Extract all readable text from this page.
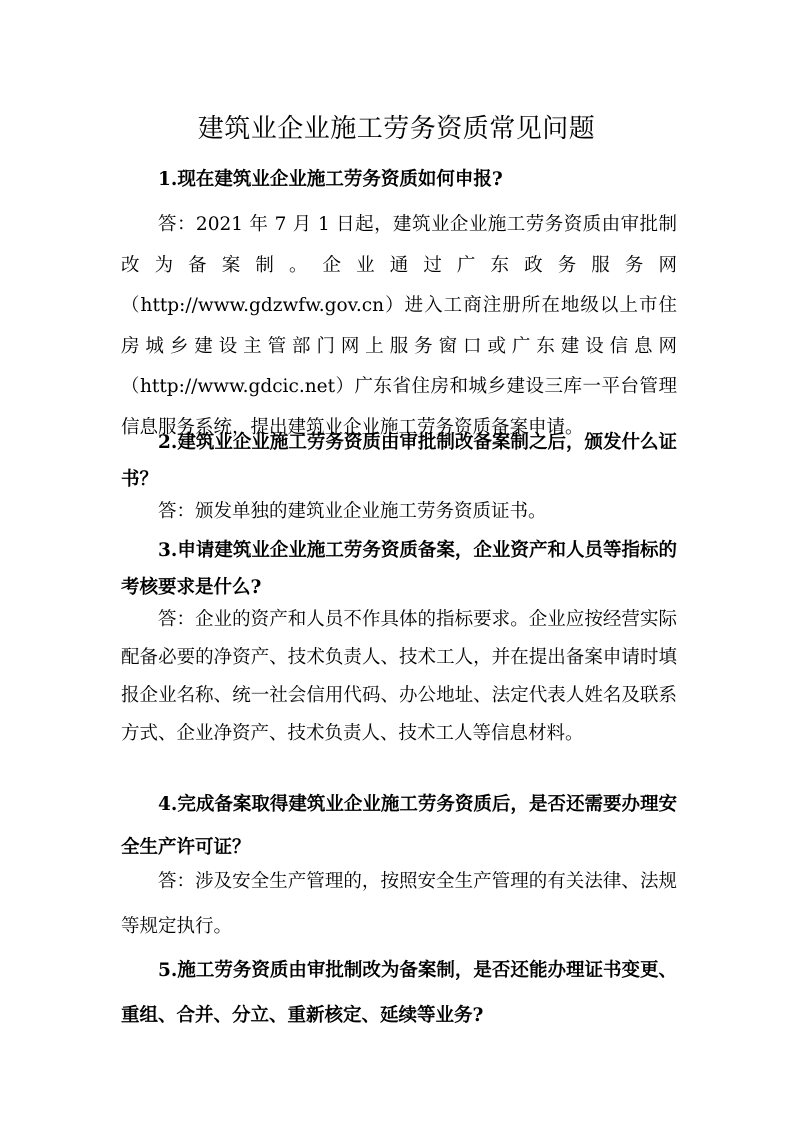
建筑业企业施工劳务资质常见问题

1.现在建筑业企业施工劳务资质如何申报?

答：2021 年 7 月 1 日起，建筑业企业施工劳务资质由审批制改为备案制。企业通过广东政务服务网（http://www.gdzwfw.gov.cn）进入工商注册所在地级以上市住房城乡建设主管部门网上服务窗口或广东建设信息网（http://www.gdcic.net）广东省住房和城乡建设三库一平台管理信息服务系统，提出建筑业企业施工劳务资质备案申请。

2.建筑业企业施工劳务资质由审批制改备案制之后，颁发什么证书？

答：颁发单独的建筑业企业施工劳务资质证书。

3.申请建筑业企业施工劳务资质备案，企业资产和人员等指标的考核要求是什么?

答：企业的资产和人员不作具体的指标要求。企业应按经营实际配备必要的净资产、技术负责人、技术工人，并在提出备案申请时填报企业名称、统一社会信用代码、办公地址、法定代表人姓名及联系方式、企业净资产、技术负责人、技术工人等信息材料。

4.完成备案取得建筑业企业施工劳务资质后，是否还需要办理安全生产许可证？

答：涉及安全生产管理的，按照安全生产管理的有关法律、法规等规定执行。

5.施工劳务资质由审批制改为备案制，是否还能办理证书变更、重组、合并、分立、重新核定、延续等业务?
